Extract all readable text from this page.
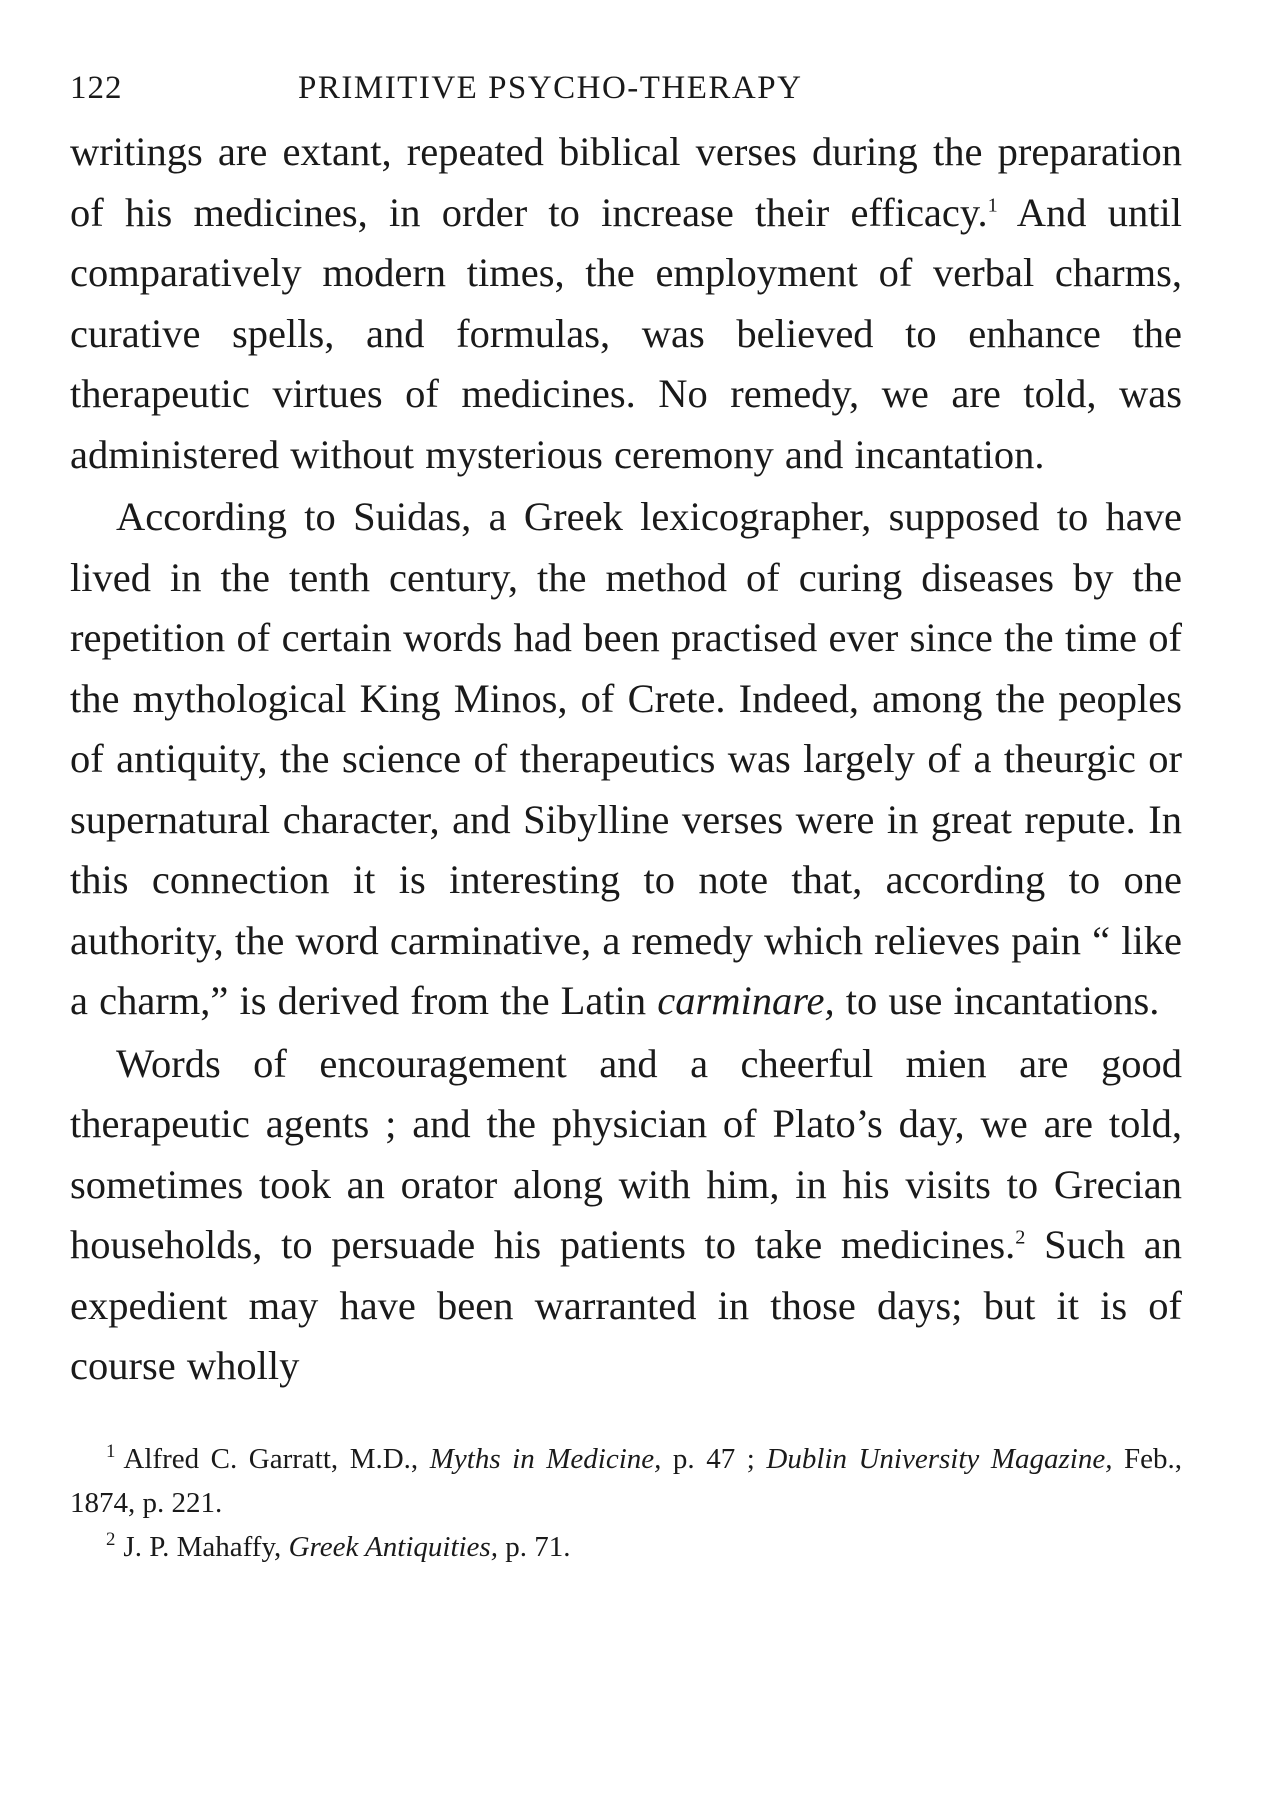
122	PRIMITIVE PSYCHO-THERAPY

writings are extant, repeated biblical verses during the preparation of his medicines, in order to increase their efficacy.$^1$ And until comparatively modern times, the employment of verbal charms, curative spells, and formulas, was believed to enhance the therapeutic virtues of medicines. No remedy, we are told, was administered without mysterious ceremony and incantation.

According to Suidas, a Greek lexicographer, supposed to have lived in the tenth century, the method of curing diseases by the repetition of certain words had been practised ever since the time of the mythological King Minos, of Crete. Indeed, among the peoples of antiquity, the science of therapeutics was largely of a theurgic or supernatural character, and Sibylline verses were in great repute. In this connection it is interesting to note that, according to one authority, the word carminative, a remedy which relieves pain “ like a charm,” is derived from the Latin carminare, to use incantations.

Words of encouragement and a cheerful mien are good therapeutic agents ; and the physician of Plato’s day, we are told, sometimes took an orator along with him, in his visits to Grecian households, to persuade his patients to take medicines.$^2$ Such an expedient may have been warranted in those days; but it is of course wholly

$^1$ Alfred C. Garratt, M.D., Myths in Medicine, p. 47 ; Dublin University Magazine, Feb., 1874, p. 221.

$^2$ J. P. Mahaffy, Greek Antiquities, p. 71.
